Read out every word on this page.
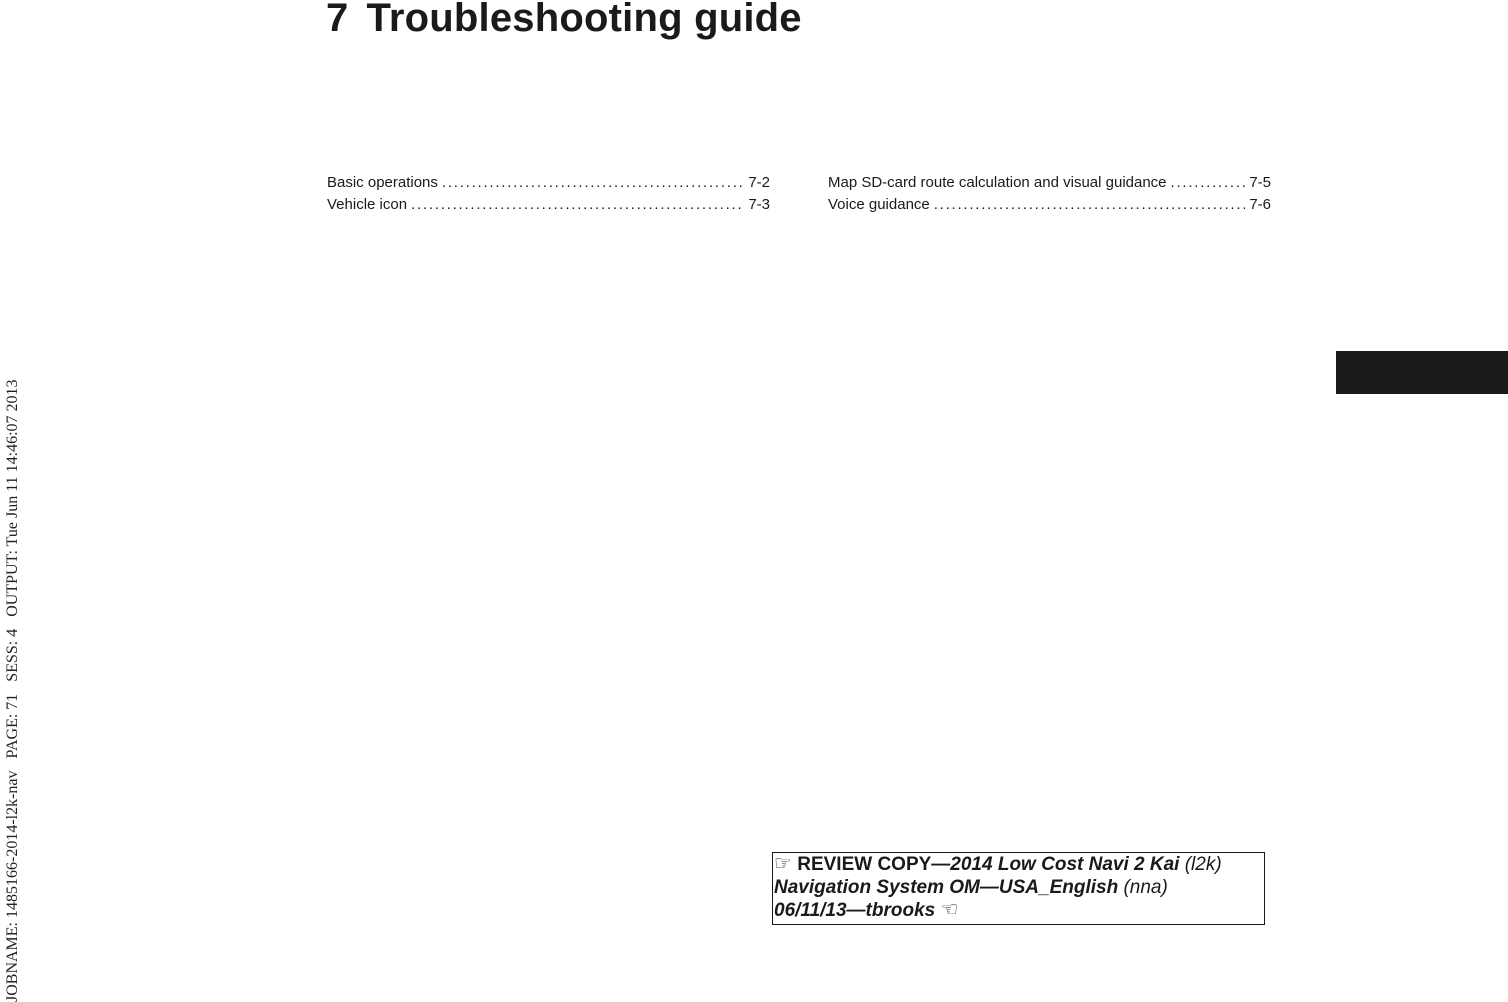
JOBNAME: 1485166-2014-l2k-nav   PAGE: 71   SESS: 4   OUTPUT: Tue Jun 11 14:46:07 2013
7 Troubleshooting guide
Basic operations . . .	7-2
Vehicle icon . . .	7-3
Map SD-card route calculation and visual guidance . . .	7-5
Voice guidance . . .	7-6
☞ REVIEW COPY—2014 Low Cost Navi 2 Kai (l2k)
Navigation System OM—USA_English (nna)
06/11/13—tbrooks ☜
